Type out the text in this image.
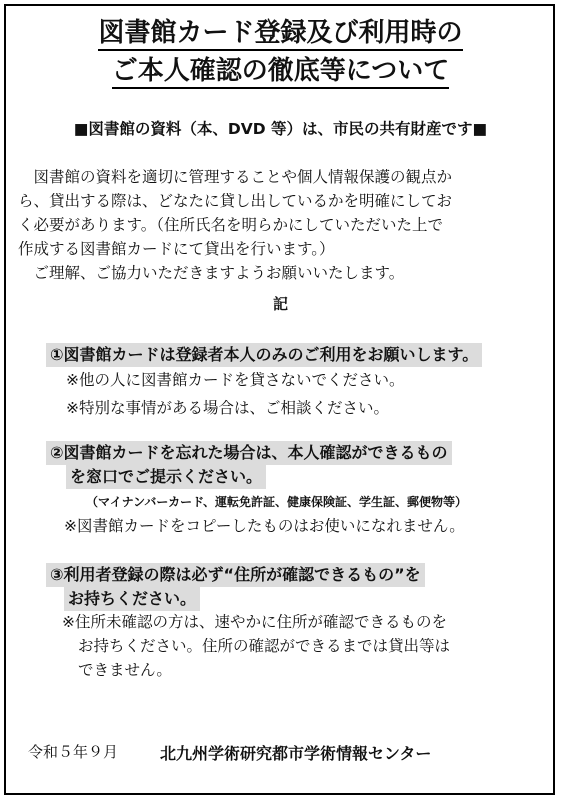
図書館カード登録及び利用時の
ご本人確認の徹底等について
■図書館の資料（本、DVD 等）は、市民の共有財産です■
　図書館の資料を適切に管理することや個人情報保護の観点か
ら、貸出する際は、どなたに貸し出しているかを明確にしてお
く必要があります。（住所氏名を明らかにしていただいた上で
作成する図書館カードにて貸出を行います。）
　ご理解、ご協力いただきますようお願いいたします。
記
①図書館カードは登録者本人のみのご利用をお願いします。
※他の人に図書館カードを貸さないでください。
※特別な事情がある場合は、ご相談ください。
②図書館カードを忘れた場合は、本人確認ができるもの
を窓口でご提示ください。
（マイナンバーカード、運転免許証、健康保険証、学生証、郵便物等）
※図書館カードをコピーしたものはお使いになれません。
③利用者登録の際は必ず“住所が確認できるもの”を
お持ちください。
※住所未確認の方は、速やかに住所が確認できるものを
お持ちください。住所の確認ができるまでは貸出等は
できません。
令和５年９月	北九州学術研究都市学術情報センター
